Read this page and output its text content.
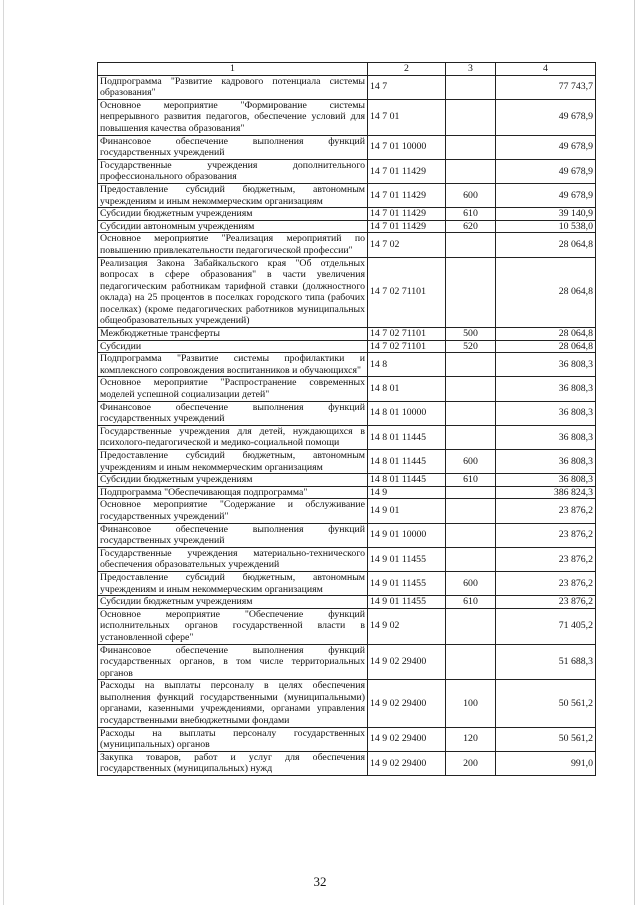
1	2	3	4
Подпрограмма "Развитие кадрового потенциала системы образования"	14 7		77 743,7
Основное мероприятие "Формирование системы непрерывного развития педагогов, обеспечение условий для повышения качества образования"	14 7 01		49 678,9
Финансовое обеспечение выполнения функций государственных учреждений	14 7 01 10000		49 678,9
Государственные учреждения дополнительного профессионального образования	14 7 01 11429		49 678,9
Предоставление субсидий бюджетным, автономным учреждениям и иным некоммерческим организациям	14 7 01 11429	600	49 678,9
Субсидии бюджетным учреждениям	14 7 01 11429	610	39 140,9
Субсидии автономным учреждениям	14 7 01 11429	620	10 538,0
Основное мероприятие "Реализация мероприятий по повышению привлекательности педагогической профессии"	14 7 02		28 064,8
Реализация Закона Забайкальского края "Об отдельных вопросах в сфере образования" в части увеличения педагогическим работникам тарифной ставки (должностного оклада) на 25 процентов в поселках городского типа (рабочих поселках) (кроме педагогических работников муниципальных общеобразовательных учреждений)	14 7 02 71101		28 064,8
Межбюджетные трансферты	14 7 02 71101	500	28 064,8
Субсидии	14 7 02 71101	520	28 064,8
Подпрограмма "Развитие системы профилактики и комплексного сопровождения воспитанников и обучающихся"	14 8		36 808,3
Основное мероприятие "Распространение современных моделей успешной социализации детей"	14 8 01		36 808,3
Финансовое обеспечение выполнения функций государственных учреждений	14 8 01 10000		36 808,3
Государственные учреждения для детей, нуждающихся в психолого-педагогической и медико-социальной помощи	14 8 01 11445		36 808,3
Предоставление субсидий бюджетным, автономным учреждениям и иным некоммерческим организациям	14 8 01 11445	600	36 808,3
Субсидии бюджетным учреждениям	14 8 01 11445	610	36 808,3
Подпрограмма "Обеспечивающая подпрограмма"	14 9		386 824,3
Основное мероприятие "Содержание и обслуживание государственных учреждений"	14 9 01		23 876,2
Финансовое обеспечение выполнения функций государственных учреждений	14 9 01 10000		23 876,2
Государственные учреждения материально-технического обеспечения образовательных учреждений	14 9 01 11455		23 876,2
Предоставление субсидий бюджетным, автономным учреждениям и иным некоммерческим организациям	14 9 01 11455	600	23 876,2
Субсидии бюджетным учреждениям	14 9 01 11455	610	23 876,2
Основное мероприятие "Обеспечение функций исполнительных органов государственной власти в установленной сфере"	14 9 02		71 405,2
Финансовое обеспечение выполнения функций государственных органов, в том числе территориальных органов	14 9 02 29400		51 688,3
Расходы на выплаты персоналу в целях обеспечения выполнения функций государственными (муниципальными) органами, казенными учреждениями, органами управления государственными внебюджетными фондами	14 9 02 29400	100	50 561,2
Расходы на выплаты персоналу государственных (муниципальных) органов	14 9 02 29400	120	50 561,2
Закупка товаров, работ и услуг для обеспечения государственных (муниципальных) нужд	14 9 02 29400	200	991,0
32
